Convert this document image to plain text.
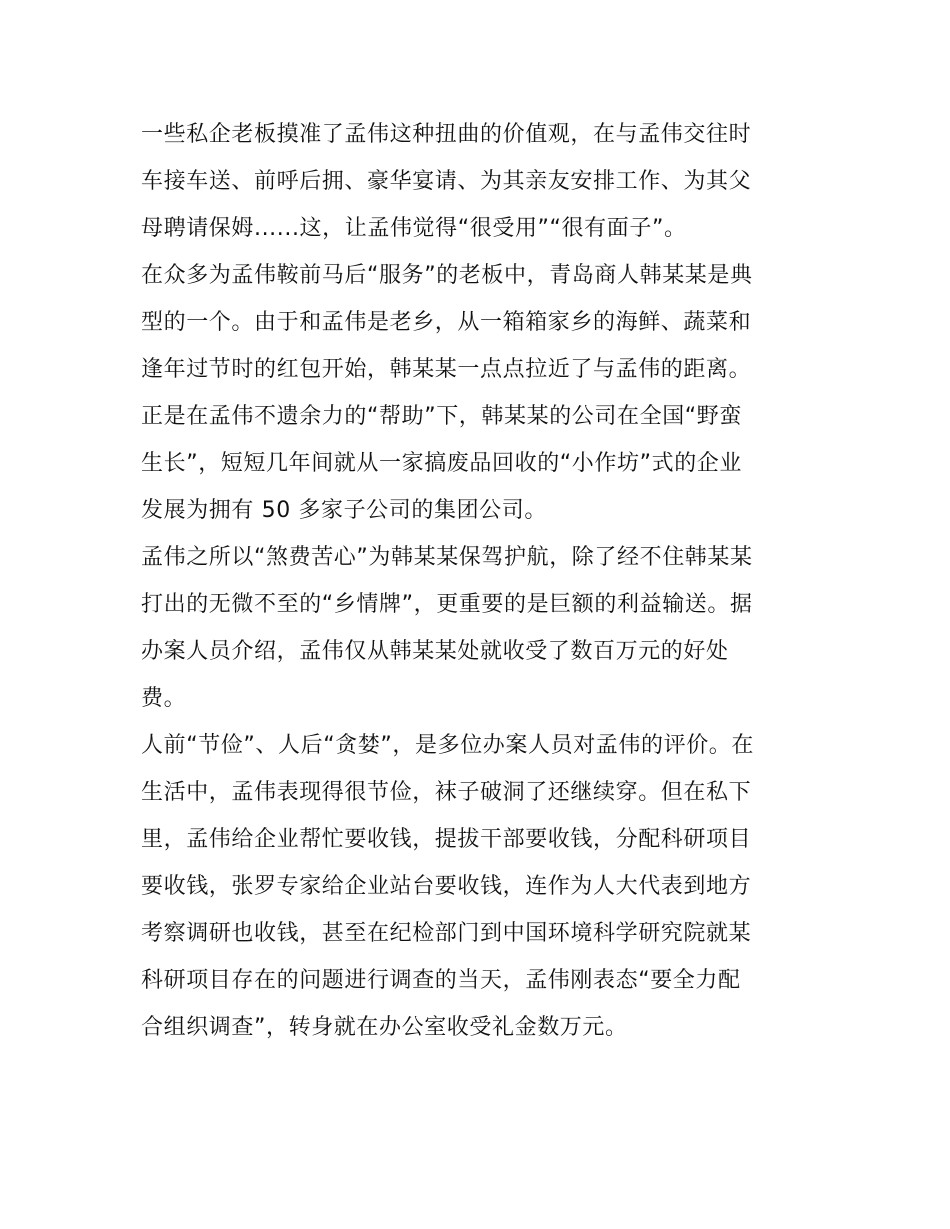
一些私企老板摸准了孟伟这种扭曲的价值观，在与孟伟交往时
车接车送、前呼后拥、豪华宴请、为其亲友安排工作、为其父
母聘请保姆......这，让孟伟觉得“很受用”“很有面子”。
在众多为孟伟鞍前马后“服务”的老板中，青岛商人韩某某是典
型的一个。由于和孟伟是老乡，从一箱箱家乡的海鲜、蔬菜和
逢年过节时的红包开始，韩某某一点点拉近了与孟伟的距离。
正是在孟伟不遗余力的“帮助”下，韩某某的公司在全国“野蛮
生长”，短短几年间就从一家搞废品回收的“小作坊”式的企业
发展为拥有 50 多家子公司的集团公司。
孟伟之所以“煞费苦心”为韩某某保驾护航，除了经不住韩某某
打出的无微不至的“乡情牌”，更重要的是巨额的利益输送。据
办案人员介绍，孟伟仅从韩某某处就收受了数百万元的好处
费。
人前“节俭”、人后“贪婪”，是多位办案人员对孟伟的评价。在
生活中，孟伟表现得很节俭，袜子破洞了还继续穿。但在私下
里，孟伟给企业帮忙要收钱，提拔干部要收钱，分配科研项目
要收钱，张罗专家给企业站台要收钱，连作为人大代表到地方
考察调研也收钱，甚至在纪检部门到中国环境科学研究院就某
科研项目存在的问题进行调查的当天，孟伟刚表态“要全力配
合组织调查”，转身就在办公室收受礼金数万元。
